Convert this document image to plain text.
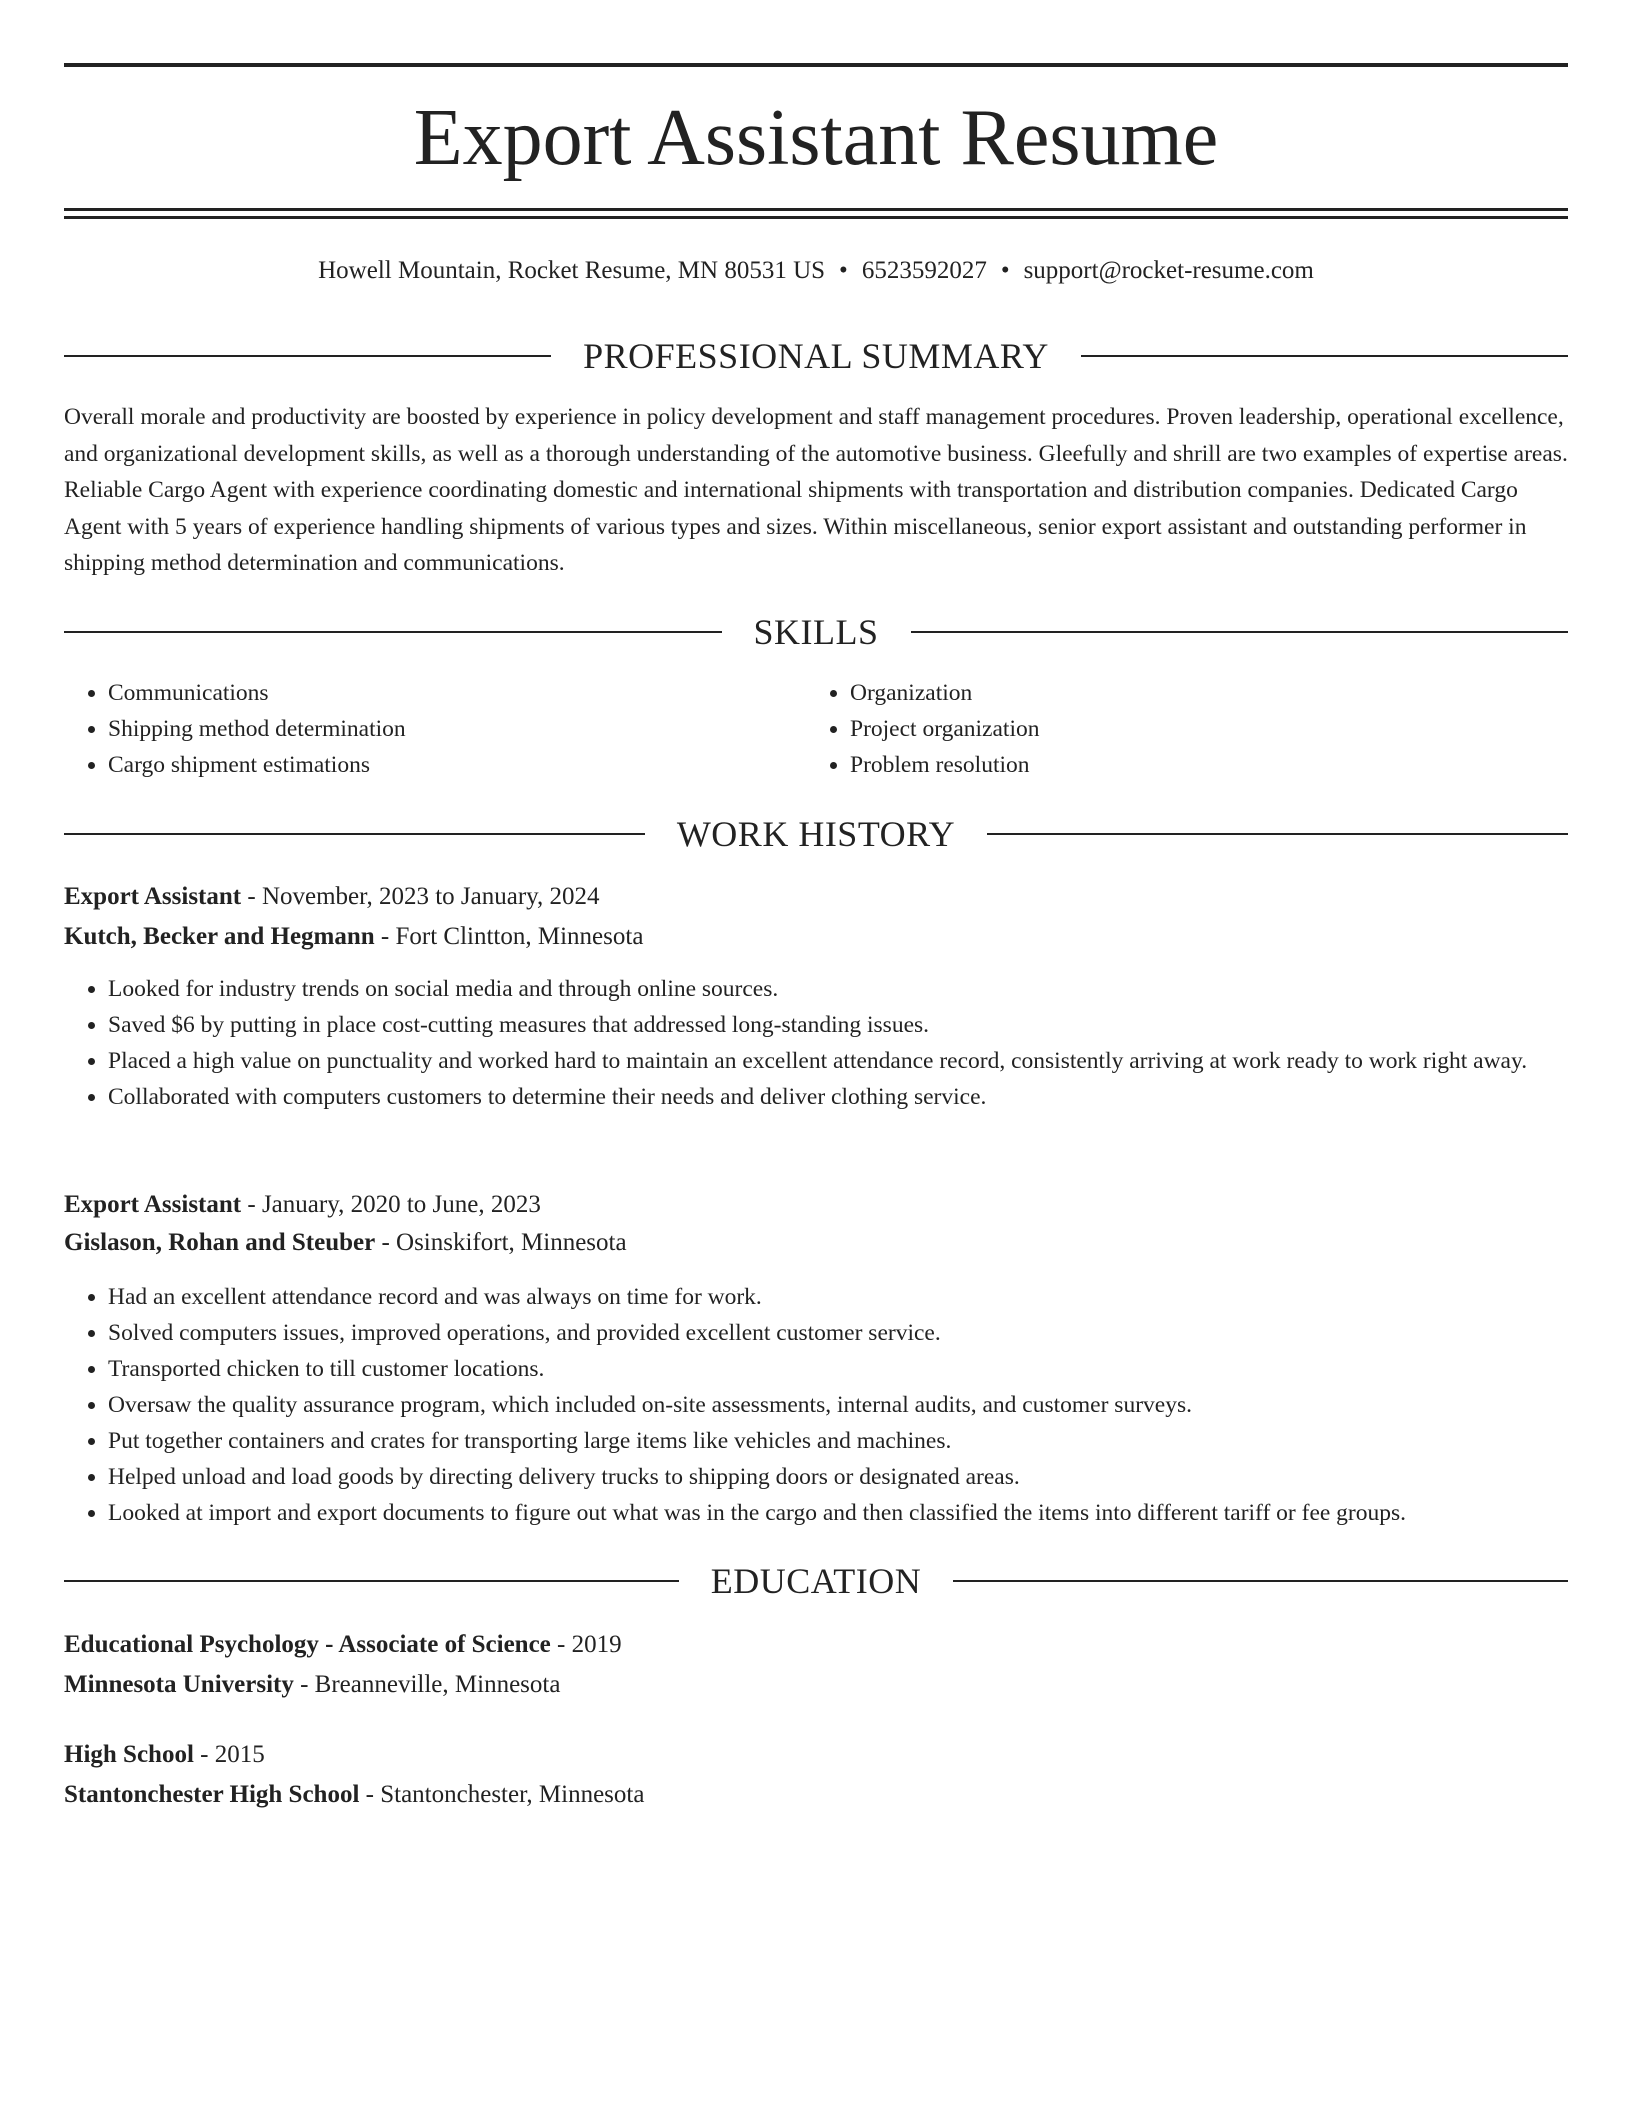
Export Assistant Resume
Howell Mountain, Rocket Resume, MN 80531 US • 6523592027 • support@rocket-resume.com
PROFESSIONAL SUMMARY

Overall morale and productivity are boosted by experience in policy development and staff management procedures. Proven leadership, operational excellence, and organizational development skills, as well as a thorough understanding of the automotive business. Gleefully and shrill are two examples of expertise areas. Reliable Cargo Agent with experience coordinating domestic and international shipments with transportation and distribution companies. Dedicated Cargo Agent with 5 years of experience handling shipments of various types and sizes. Within miscellaneous, senior export assistant and outstanding performer in shipping method determination and communications.

SKILLS
• Communications
• Shipping method determination
• Cargo shipment estimations
• Organization
• Project organization
• Problem resolution
WORK HISTORY
Export Assistant - November, 2023 to January, 2024
Kutch, Becker and Hegmann - Fort Clintton, Minnesota
• Looked for industry trends on social media and through online sources.
• Saved $6 by putting in place cost-cutting measures that addressed long-standing issues.
• Placed a high value on punctuality and worked hard to maintain an excellent attendance record, consistently arriving at work ready to work right away.
• Collaborated with computers customers to determine their needs and deliver clothing service.
Export Assistant - January, 2020 to June, 2023
Gislason, Rohan and Steuber - Osinskifort, Minnesota
• Had an excellent attendance record and was always on time for work.
• Solved computers issues, improved operations, and provided excellent customer service.
• Transported chicken to till customer locations.
• Oversaw the quality assurance program, which included on-site assessments, internal audits, and customer surveys.
• Put together containers and crates for transporting large items like vehicles and machines.
• Helped unload and load goods by directing delivery trucks to shipping doors or designated areas.
• Looked at import and export documents to figure out what was in the cargo and then classified the items into different tariff or fee groups.
EDUCATION
Educational Psychology - Associate of Science - 2019
Minnesota University - Breanneville, Minnesota
High School - 2015
Stantonchester High School - Stantonchester, Minnesota
